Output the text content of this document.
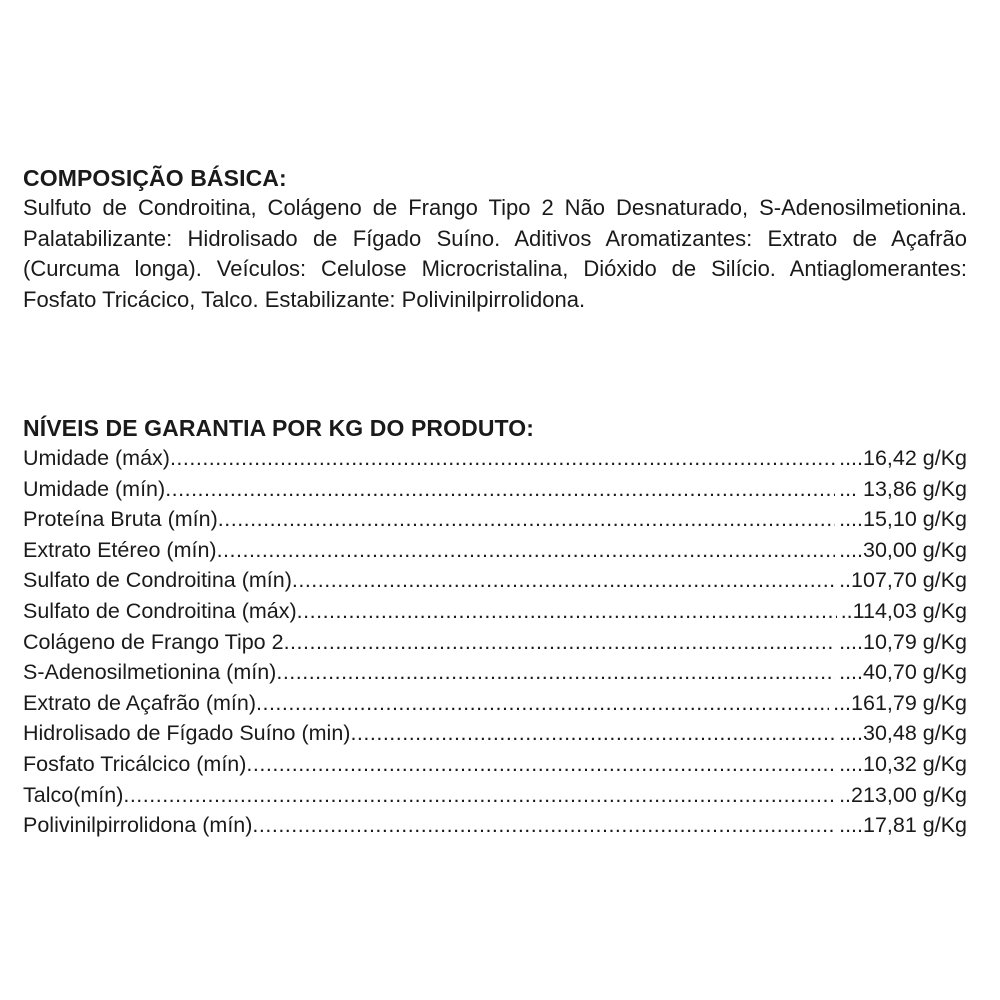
COMPOSIÇÃO BÁSICA:
Sulfuto de Condroitina, Colágeno de Frango Tipo 2 Não Desnaturado, S-Adenosilmetionina. Palatabilizante: Hidrolisado de Fígado Suíno. Aditivos Aromatizantes: Extrato de Açafrão (Curcuma longa). Veículos: Celulose Microcristalina, Dióxido de Silício. Antiaglomerantes: Fosfato Tricácico, Talco. Estabilizante: Polivinilpirrolidona.
NÍVEIS DE GARANTIA POR KG DO PRODUTO:
Umidade (máx) .....	....16,42 g/Kg
Umidade (mín) .....	... 13,86 g/Kg
Proteína Bruta (mín) .....	....15,10 g/Kg
Extrato Etéreo (mín) .....	....30,00 g/Kg
Sulfato de Condroitina (mín) .....	..107,70 g/Kg
Sulfato de Condroitina (máx) .....	..114,03 g/Kg
Colágeno de Frango Tipo 2 .....	....10,79 g/Kg
S-Adenosilmetionina (mín) .....	....40,70 g/Kg
Extrato de Açafrão (mín) .....	...161,79 g/Kg
Hidrolisado de Fígado Suíno (min) .....	....30,48 g/Kg
Fosfato Tricálcico (mín) .....	....10,32 g/Kg
Talco(mín) .....	..213,00 g/Kg
Polivinilpirrolidona (mín) .....	....17,81 g/Kg
